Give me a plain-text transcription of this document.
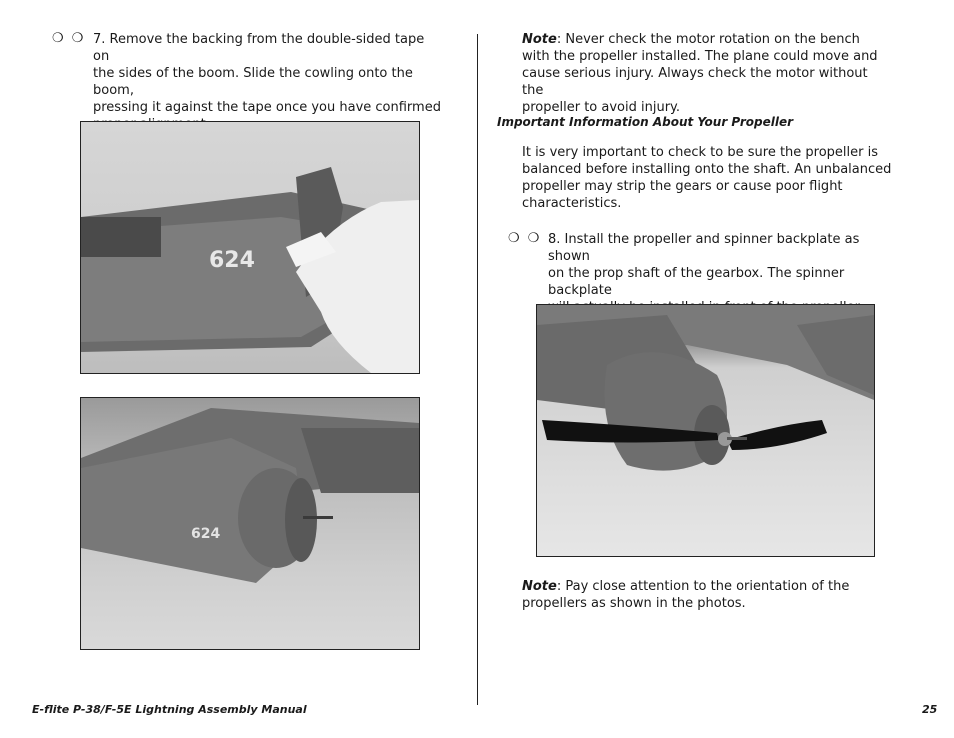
❍ ❍ 7. Remove the backing from the double-sided tape on
the sides of the boom. Slide the cowling onto the boom,
pressing it against the tape once you have confirmed
624
624
Note: Never check the motor rotation on the bench
with the propeller installed. The plane could move and
cause serious injury. Always check the motor without the
propeller to avoid injury.
Important Information About Your Propeller
It is very important to check to be sure the propeller is
balanced before installing onto the shaft. An unbalanced
propeller may strip the gears or cause poor flight
characteristics.
❍ ❍ 8. Install the propeller and spinner backplate as shown
on the prop shaft of the gearbox. The spinner backplate
Note: Pay close attention to the orientation of the
propellers as shown in the photos.
E-flite P-38/F-5E Lightning Assembly Manual	25
